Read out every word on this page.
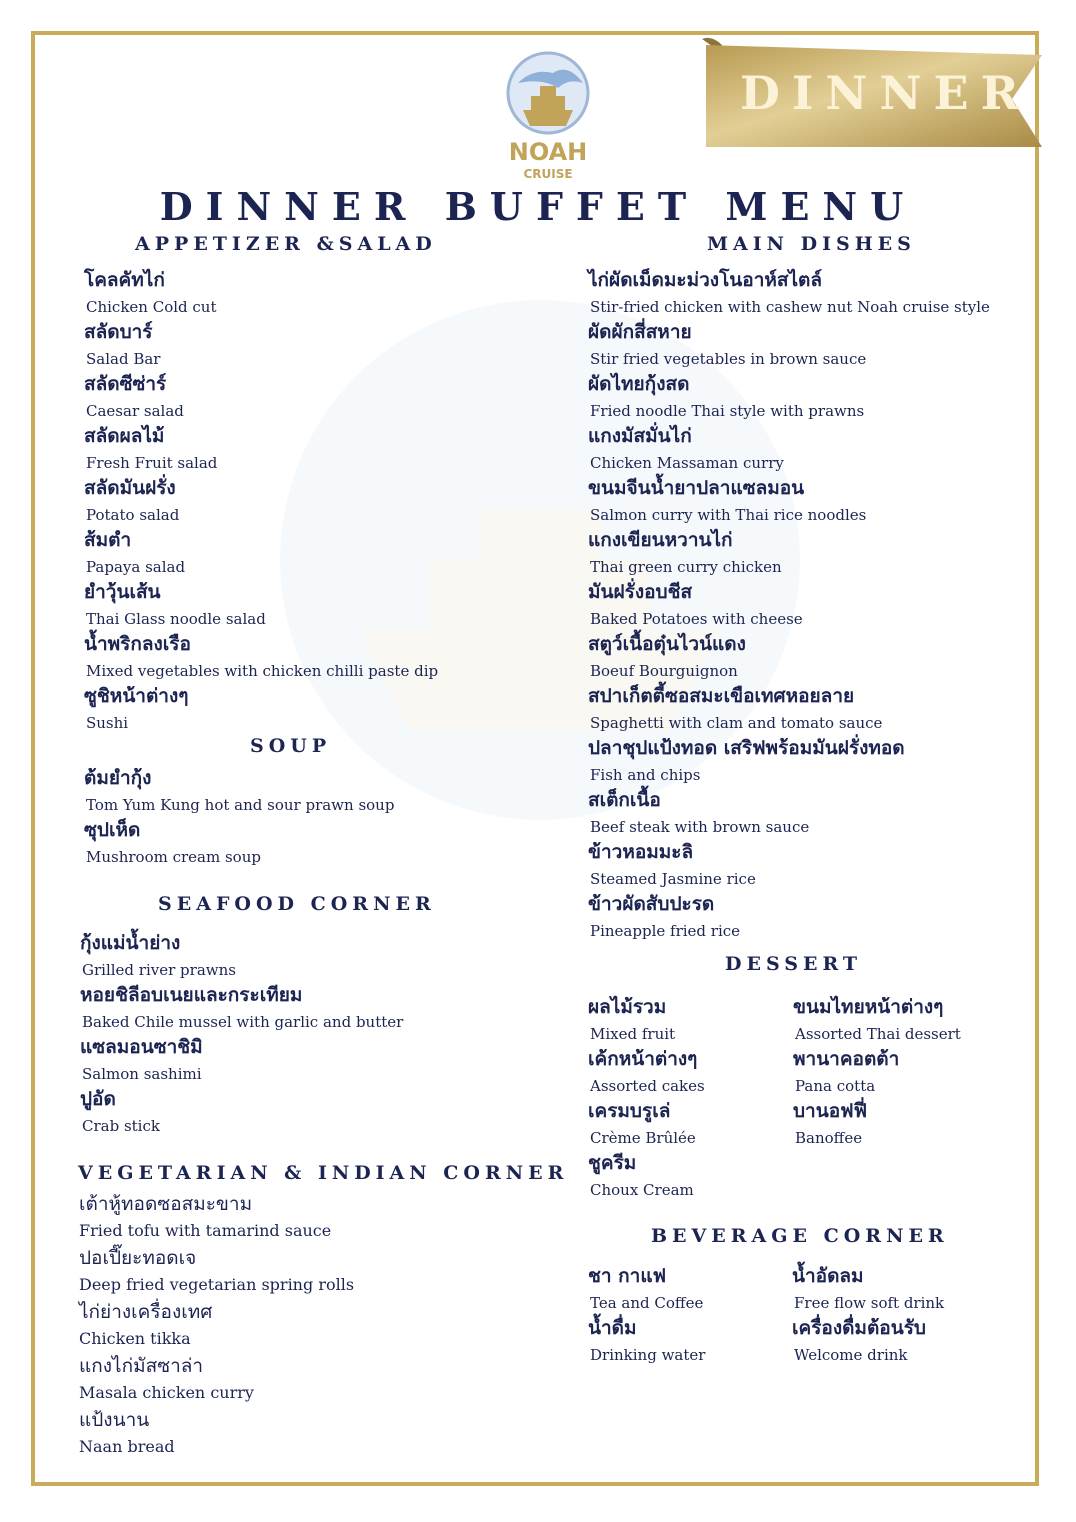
DINNER
NOAH
CRUISE
DINNER BUFFET MENU
APPETIZER &SALAD
SOUP
SEAFOOD CORNER
VEGETARIAN & INDIAN CORNER
MAIN DISHES
DESSERT
BEVERAGE CORNER
โคลคัทไก่
Chicken Cold cut
สลัดบาร์
Salad Bar
สลัดซีซ่าร์
Caesar salad
สลัดผลไม้
Fresh Fruit salad
สลัดมันฝรั่ง
Potato salad
ส้มตำ
Papaya salad
ยำวุ้นเส้น
Thai Glass noodle salad
น้ำพริกลงเรือ
Mixed vegetables with chicken chilli paste dip
ซูชิหน้าต่างๆ
Sushi
ต้มยำกุ้ง
Tom Yum Kung hot and sour prawn soup
ซุปเห็ด
Mushroom cream soup
กุ้งแม่น้ำย่าง
Grilled river prawns
หอยชิลีอบเนยและกระเทียม
Baked Chile mussel with garlic and butter
แซลมอนซาชิมิ
Salmon sashimi
ปูอัด
Crab stick
เต้าหู้ทอดซอสมะขาม
Fried tofu with tamarind sauce
ปอเปี๊ยะทอดเจ
Deep fried vegetarian spring rolls
ไก่ย่างเครื่องเทศ
Chicken tikka
แกงไก่มัสซาล่า
Masala chicken curry
แป้งนาน
Naan bread
ไก่ผัดเม็ดมะม่วงโนอาห์สไตล์
Stir-fried chicken with cashew nut Noah cruise style
ผัดผักสี่สหาย
Stir fried vegetables in brown sauce
ผัดไทยกุ้งสด
Fried noodle Thai style with prawns
แกงมัสมั่นไก่
Chicken Massaman curry
ขนมจีนน้ำยาปลาแซลมอน
Salmon curry with Thai rice noodles
แกงเขียนหวานไก่
Thai green curry chicken
มันฝรั่งอบชีส
Baked Potatoes with cheese
สตูว์เนื้อตุ๋นไวน์แดง
Boeuf Bourguignon
สปาเก็ตตี้ซอสมะเขือเทศหอยลาย
Spaghetti with clam and tomato sauce
ปลาชุปแป้งทอด เสริฟพร้อมมันฝรั่งทอด
Fish and chips
สเต็กเนื้อ
Beef steak with brown sauce
ข้าวหอมมะลิ
Steamed Jasmine rice
ข้าวผัดสับปะรด
Pineapple fried rice
ผลไม้รวม
Mixed fruit
เค้กหน้าต่างๆ
Assorted cakes
เครมบรูเล่
Crème Brûlée
ชูครีม
Choux Cream
ขนมไทยหน้าต่างๆ
Assorted Thai dessert
พานาคอตต้า
Pana cotta
บานอฟฟี่
Banoffee
ชา กาแฟ
Tea and Coffee
น้ำดื่ม
Drinking water
น้ำอัดลม
Free flow soft drink
เครื่องดื่มต้อนรับ
Welcome drink
